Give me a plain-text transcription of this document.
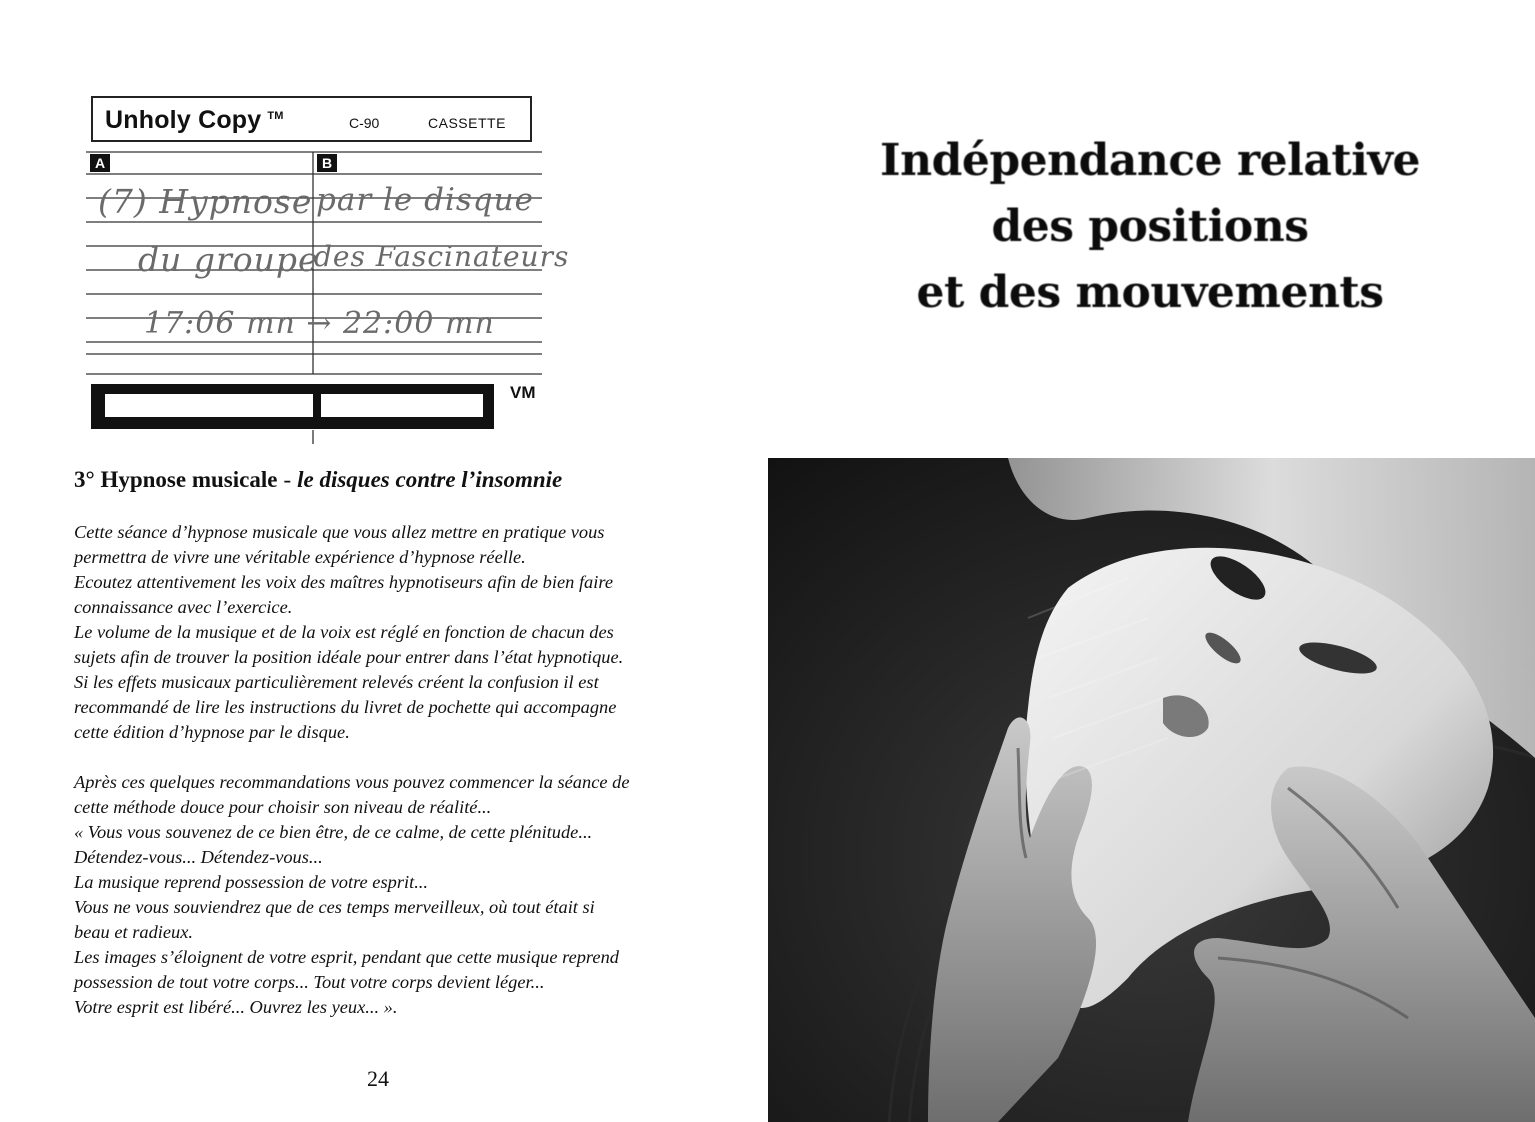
Unholy Copy ™	C-90	CASSETTE
A	B
(7) Hypnose par le disque
du groupe
des Fascinateurs
17:06 mn → 22:00 mn
VM
3° Hypnose musicale - le disques contre l’insomnie

Cette séance d’hypnose musicale que vous allez mettre en pratique vous

permettra de vivre une véritable expérience d’hypnose réelle.

Ecoutez attentivement les voix des maîtres hypnotiseurs afin de bien faire

connaissance avec l’exercice.

Le volume de la musique et de la voix est réglé en fonction de chacun des

sujets afin de trouver la position idéale pour entrer dans l’état hypnotique.

Si les effets musicaux particulièrement relevés créent la confusion il est

recommandé de lire les instructions du livret de pochette qui accompagne

cette édition d’hypnose par le disque.

Après ces quelques recommandations vous pouvez commencer la séance de

cette méthode douce pour choisir son niveau de réalité...

« Vous vous souvenez de ce bien être, de ce calme, de cette plénitude...

Détendez-vous... Détendez-vous...

La musique reprend possession de votre esprit...

Vous ne vous souviendrez que de ces temps merveilleux, où tout était si

beau et radieux.

Les images s’éloignent de votre esprit, pendant que cette musique reprend

possession de tout votre corps... Tout votre corps devient léger...

Votre esprit est libéré... Ouvrez les yeux... ».

24
Indépendance relative
des positions
et des mouvements
